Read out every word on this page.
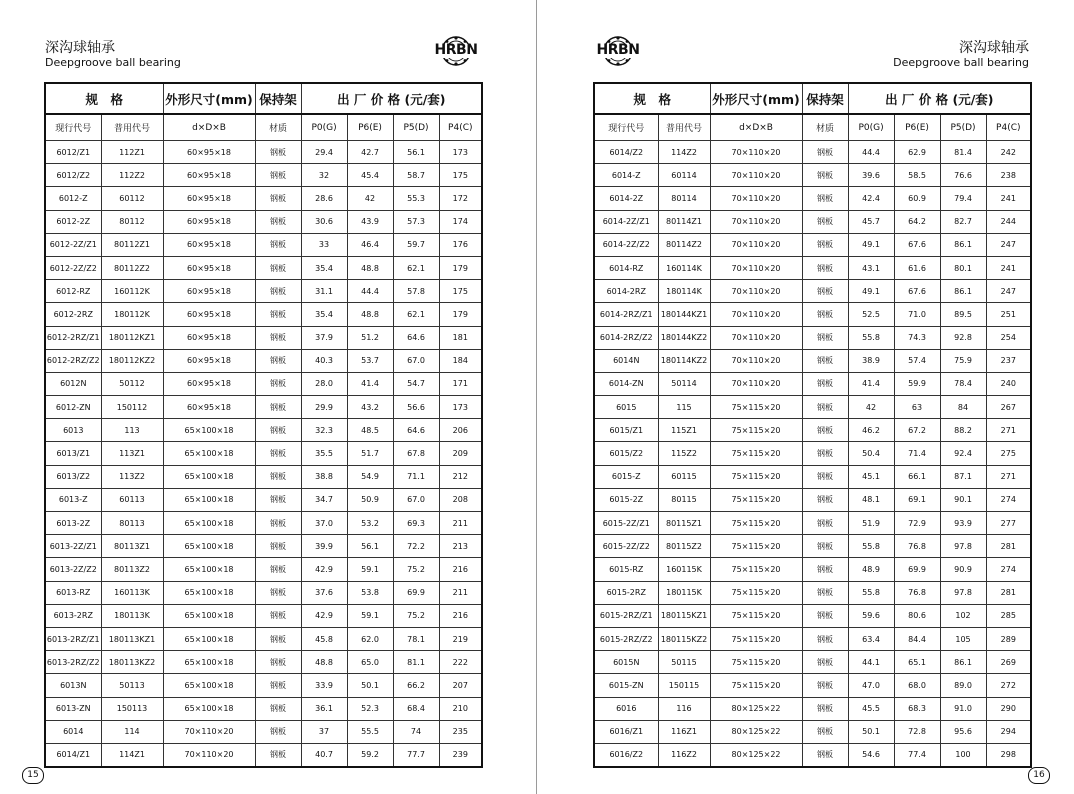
深沟球轴承
Deepgroove ball bearing
HRBN
规　格		外形尺寸(mm)	保持架	出 厂 价 格 (元/套)			
现行代号	普用代号	d×D×B	材质	P0(G)	P6(E)	P5(D)	P4(C)
6012/Z1	112Z1	60×95×18	钢板	29.4	42.7	56.1	173
6012/Z2	112Z2	60×95×18	钢板	32	45.4	58.7	175
6012-Z	60112	60×95×18	钢板	28.6	42	55.3	172
6012-2Z	80112	60×95×18	钢板	30.6	43.9	57.3	174
6012-2Z/Z1	80112Z1	60×95×18	钢板	33	46.4	59.7	176
6012-2Z/Z2	80112Z2	60×95×18	钢板	35.4	48.8	62.1	179
6012-RZ	160112K	60×95×18	钢板	31.1	44.4	57.8	175
6012-2RZ	180112K	60×95×18	钢板	35.4	48.8	62.1	179
6012-2RZ/Z1	180112KZ1	60×95×18	钢板	37.9	51.2	64.6	181
6012-2RZ/Z2	180112KZ2	60×95×18	钢板	40.3	53.7	67.0	184
6012N	50112	60×95×18	钢板	28.0	41.4	54.7	171
6012-ZN	150112	60×95×18	钢板	29.9	43.2	56.6	173
6013	113	65×100×18	钢板	32.3	48.5	64.6	206
6013/Z1	113Z1	65×100×18	钢板	35.5	51.7	67.8	209
6013/Z2	113Z2	65×100×18	钢板	38.8	54.9	71.1	212
6013-Z	60113	65×100×18	钢板	34.7	50.9	67.0	208
6013-2Z	80113	65×100×18	钢板	37.0	53.2	69.3	211
6013-2Z/Z1	80113Z1	65×100×18	钢板	39.9	56.1	72.2	213
6013-2Z/Z2	80113Z2	65×100×18	钢板	42.9	59.1	75.2	216
6013-RZ	160113K	65×100×18	钢板	37.6	53.8	69.9	211
6013-2RZ	180113K	65×100×18	钢板	42.9	59.1	75.2	216
6013-2RZ/Z1	180113KZ1	65×100×18	钢板	45.8	62.0	78.1	219
6013-2RZ/Z2	180113KZ2	65×100×18	钢板	48.8	65.0	81.1	222
6013N	50113	65×100×18	钢板	33.9	50.1	66.2	207
6013-ZN	150113	65×100×18	钢板	36.1	52.3	68.4	210
6014	114	70×110×20	钢板	37	55.5	74	235
6014/Z1	114Z1	70×110×20	钢板	40.7	59.2	77.7	239
15
HRBN	深沟球轴承
Deepgroove ball bearing
规　格		外形尺寸(mm)	保持架	出 厂 价 格 (元/套)			
现行代号	普用代号	d×D×B	材质	P0(G)	P6(E)	P5(D)	P4(C)
6014/Z2	114Z2	70×110×20	钢板	44.4	62.9	81.4	242
6014-Z	60114	70×110×20	钢板	39.6	58.5	76.6	238
6014-2Z	80114	70×110×20	钢板	42.4	60.9	79.4	241
6014-2Z/Z1	80114Z1	70×110×20	钢板	45.7	64.2	82.7	244
6014-2Z/Z2	80114Z2	70×110×20	钢板	49.1	67.6	86.1	247
6014-RZ	160114K	70×110×20	钢板	43.1	61.6	80.1	241
6014-2RZ	180114K	70×110×20	钢板	49.1	67.6	86.1	247
6014-2RZ/Z1	180144KZ1	70×110×20	钢板	52.5	71.0	89.5	251
6014-2RZ/Z2	180144KZ2	70×110×20	钢板	55.8	74.3	92.8	254
6014N	180114KZ2	70×110×20	钢板	38.9	57.4	75.9	237
6014-ZN	50114	70×110×20	钢板	41.4	59.9	78.4	240
6015	115	75×115×20	钢板	42	63	84	267
6015/Z1	115Z1	75×115×20	钢板	46.2	67.2	88.2	271
6015/Z2	115Z2	75×115×20	钢板	50.4	71.4	92.4	275
6015-Z	60115	75×115×20	钢板	45.1	66.1	87.1	271
6015-2Z	80115	75×115×20	钢板	48.1	69.1	90.1	274
6015-2Z/Z1	80115Z1	75×115×20	钢板	51.9	72.9	93.9	277
6015-2Z/Z2	80115Z2	75×115×20	钢板	55.8	76.8	97.8	281
6015-RZ	160115K	75×115×20	钢板	48.9	69.9	90.9	274
6015-2RZ	180115K	75×115×20	钢板	55.8	76.8	97.8	281
6015-2RZ/Z1	180115KZ1	75×115×20	钢板	59.6	80.6	102	285
6015-2RZ/Z2	180115KZ2	75×115×20	钢板	63.4	84.4	105	289
6015N	50115	75×115×20	钢板	44.1	65.1	86.1	269
6015-ZN	150115	75×115×20	钢板	47.0	68.0	89.0	272
6016	116	80×125×22	钢板	45.5	68.3	91.0	290
6016/Z1	116Z1	80×125×22	钢板	50.1	72.8	95.6	294
6016/Z2	116Z2	80×125×22	钢板	54.6	77.4	100	298
16
